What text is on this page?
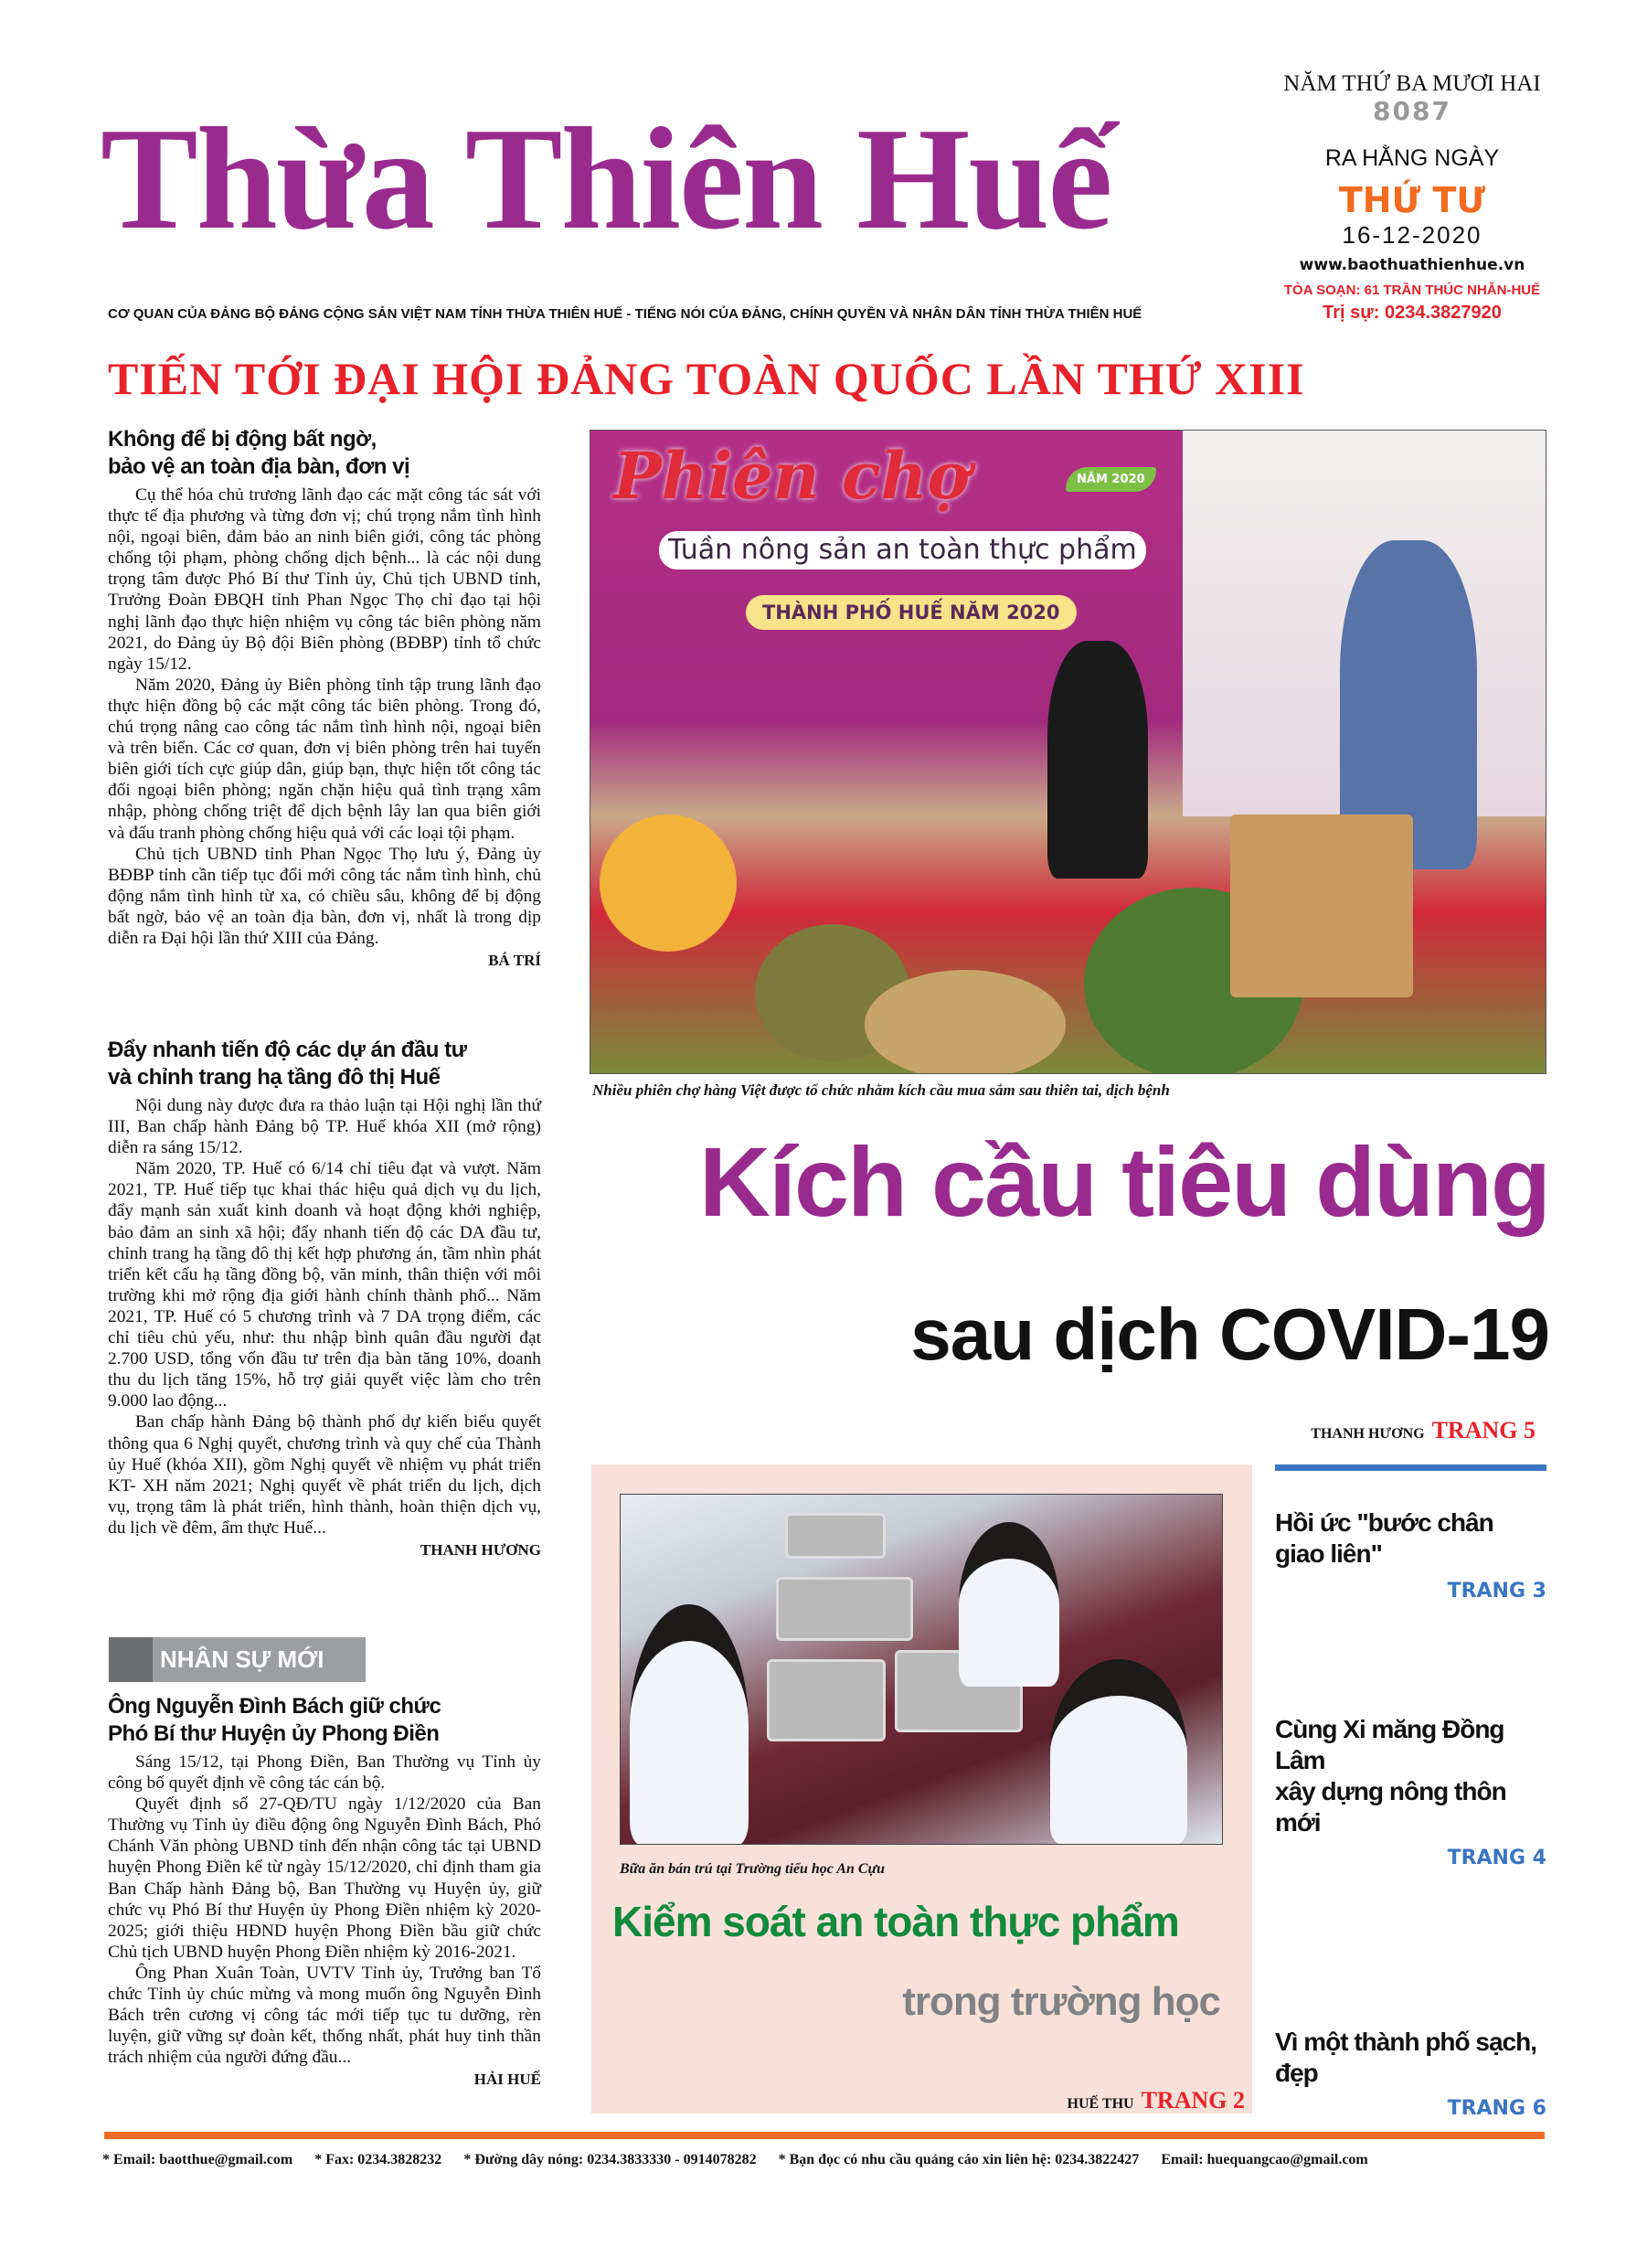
Thừa Thiên Huế
NĂM THỨ BA MƯƠI HAI
8087
RA HẰNG NGÀY
THỨ TƯ
16-12-2020
www.baothuathienhue.vn
TÒA SOẠN: 61 TRẦN THÚC NHẪN-HUẾ
Trị sự: 0234.3827920
CƠ QUAN CỦA ĐẢNG BỘ ĐẢNG CỘNG SẢN VIỆT NAM TỈNH THỪA THIÊN HUẾ - TIẾNG NÓI CỦA ĐẢNG, CHÍNH QUYỀN VÀ NHÂN DÂN TỈNH THỪA THIÊN HUẾ
TIẾN TỚI ĐẠI HỘI ĐẢNG TOÀN QUỐC LẦN THỨ XIII
Không để bị động bất ngờ,
bảo vệ an toàn địa bàn, đơn vị

Cụ thể hóa chủ trương lãnh đạo các mặt công tác sát với thực tế địa phương và từng đơn vị; chú trọng nắm tình hình nội, ngoại biên, đảm bảo an ninh biên giới, công tác phòng chống tội phạm, phòng chống dịch bệnh... là các nội dung trọng tâm được Phó Bí thư Tỉnh ủy, Chủ tịch UBND tỉnh, Trưởng Đoàn ĐBQH tỉnh Phan Ngọc Thọ chỉ đạo tại hội nghị lãnh đạo thực hiện nhiệm vụ công tác biên phòng năm 2021, do Đảng ủy Bộ đội Biên phòng (BĐBP) tỉnh tổ chức ngày 15/12.

Năm 2020, Đảng ủy Biên phòng tỉnh tập trung lãnh đạo thực hiện đồng bộ các mặt công tác biên phòng. Trong đó, chú trọng nâng cao công tác nắm tình hình nội, ngoại biên và trên biển. Các cơ quan, đơn vị biên phòng trên hai tuyến biên giới tích cực giúp dân, giúp bạn, thực hiện tốt công tác đối ngoại biên phòng; ngăn chặn hiệu quả tình trạng xâm nhập, phòng chống triệt để dịch bệnh lây lan qua biên giới và đấu tranh phòng chống hiệu quả với các loại tội phạm.

Chủ tịch UBND tỉnh Phan Ngọc Thọ lưu ý, Đảng ủy BĐBP tỉnh cần tiếp tục đổi mới công tác nắm tình hình, chủ động nắm tình hình từ xa, có chiều sâu, không để bị động bất ngờ, bảo vệ an toàn địa bàn, đơn vị, nhất là trong dịp diễn ra Đại hội lần thứ XIII của Đảng.

BÁ TRÍ
Đẩy nhanh tiến độ các dự án đầu tư
và chỉnh trang hạ tầng đô thị Huế

Nội dung này được đưa ra thảo luận tại Hội nghị lần thứ III, Ban chấp hành Đảng bộ TP. Huế khóa XII (mở rộng) diễn ra sáng 15/12.

Năm 2020, TP. Huế có 6/14 chỉ tiêu đạt và vượt. Năm 2021, TP. Huế tiếp tục khai thác hiệu quả dịch vụ du lịch, đẩy mạnh sản xuất kinh doanh và hoạt động khởi nghiệp, bảo đảm an sinh xã hội; đẩy nhanh tiến độ các DA đầu tư, chỉnh trang hạ tầng đô thị kết hợp phương án, tầm nhìn phát triển kết cấu hạ tầng đồng bộ, văn minh, thân thiện với môi trường khi mở rộng địa giới hành chính thành phố... Năm 2021, TP. Huế có 5 chương trình và 7 DA trọng điểm, các chỉ tiêu chủ yếu, như: thu nhập bình quân đầu người đạt 2.700 USD, tổng vốn đầu tư trên địa bàn tăng 10%, doanh thu du lịch tăng 15%, hỗ trợ giải quyết việc làm cho trên 9.000 lao động...

Ban chấp hành Đảng bộ thành phố dự kiến biểu quyết thông qua 6 Nghị quyết, chương trình và quy chế của Thành ủy Huế (khóa XII), gồm Nghị quyết về nhiệm vụ phát triển KT- XH năm 2021; Nghị quyết về phát triển du lịch, dịch vụ, trọng tâm là phát triển, hình thành, hoàn thiện dịch vụ, du lịch về đêm, ẩm thực Huế...

THANH HƯƠNG
NHÂN SỰ MỚI
Ông Nguyễn Đình Bách giữ chức
Phó Bí thư Huyện ủy Phong Điền

Sáng 15/12, tại Phong Điền, Ban Thường vụ Tỉnh ủy công bố quyết định về công tác cán bộ.

Quyết định số 27-QĐ/TU ngày 1/12/2020 của Ban Thường vụ Tỉnh ủy điều động ông Nguyễn Đình Bách, Phó Chánh Văn phòng UBND tỉnh đến nhận công tác tại UBND huyện Phong Điền kể từ ngày 15/12/2020, chỉ định tham gia Ban Chấp hành Đảng bộ, Ban Thường vụ Huyện ủy, giữ chức vụ Phó Bí thư Huyện ủy Phong Điền nhiệm kỳ 2020-2025; giới thiệu HĐND huyện Phong Điền bầu giữ chức Chủ tịch UBND huyện Phong Điền nhiệm kỳ 2016-2021.

Ông Phan Xuân Toàn, UVTV Tỉnh ủy, Trưởng ban Tổ chức Tỉnh ủy chúc mừng và mong muốn ông Nguyễn Đình Bách trên cương vị công tác mới tiếp tục tu dưỡng, rèn luyện, giữ vững sự đoàn kết, thống nhất, phát huy tinh thần trách nhiệm của người đứng đầu...

HẢI HUẾ
Phiên chợ
Tuần nông sản an toàn thực phẩm
NĂM 2020
THÀNH PHỐ HUẾ NĂM 2020
Nhiều phiên chợ hàng Việt được tổ chức nhằm kích cầu mua sắm sau thiên tai, dịch bệnh
Kích cầu tiêu dùng
sau dịch COVID-19
THANH HƯƠNG TRANG 5
Bữa ăn bán trú tại Trường tiểu học An Cựu
Kiểm soát an toàn thực phẩm
trong trường học
HUẾ THU TRANG 2
Hồi ức "bước chân giao liên"
TRANG 3
Cùng Xi măng Đồng Lâm
xây dựng nông thôn mới
TRANG 4
Vì một thành phố sạch, đẹp
TRANG 6
* Email: baotthue@gmail.com * Fax: 0234.3828232 * Đường dây nóng: 0234.3833330 - 0914078282 * Bạn đọc có nhu cầu quảng cáo xin liên hệ: 0234.3822427 Email: huequangcao@gmail.com
